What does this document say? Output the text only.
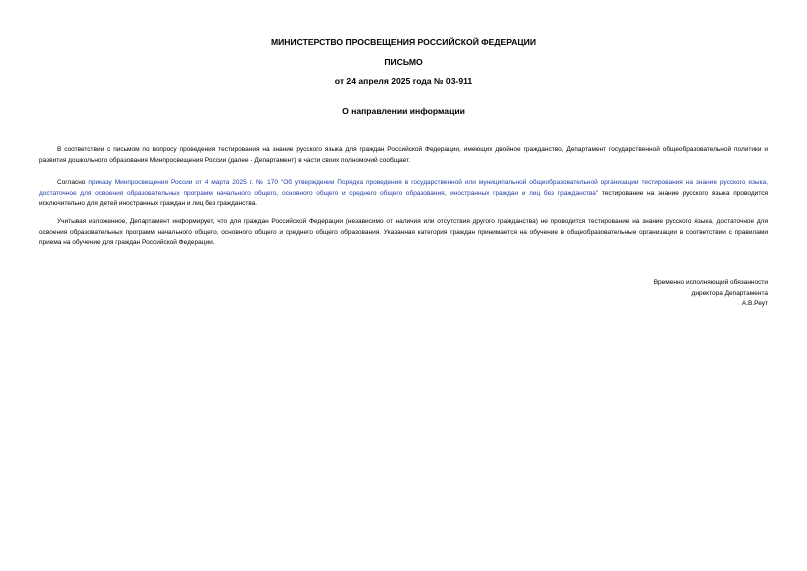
МИНИСТЕРСТВО ПРОСВЕЩЕНИЯ РОССИЙСКОЙ ФЕДЕРАЦИИ
ПИСЬМО
от 24 апреля 2025 года № 03-911
О направлении информации

В соответствии с письмом по вопросу проведения тестирования на знание русского языка для граждан Российской Федерации, имеющих двойное гражданство, Департамент государственной общеобразовательной политики и развития дошкольного образования Минпросвещения России (далее - Департамент) в части своих полномочий сообщает.

Согласно приказу Минпросвещения России от 4 марта 2025 г. № 170 "Об утверждении Порядка проведения в государственной или муниципальной общеобразовательной организации тестирования на знание русского языка, достаточное для освоения образовательных программ начального общего, основного общего и среднего общего образования, иностранных граждан и лиц без гражданства" тестирование на знание русского языка проводится исключительно для детей иностранных граждан и лиц без гражданства.

Учитывая изложенное, Департамент информирует, что для граждан Российской Федерации (независимо от наличия или отсутствия другого гражданства) не проводится тестирование на знание русского языка, достаточное для освоения образовательных программ начального общего, основного общего и среднего общего образования. Указанная категория граждан принимается на обучение в общеобразовательные организации в соответствии с правилами приема на обучение для граждан Российской Федерации.

Временно исполняющий обязанности
директора Департамента
А.В.Реут
